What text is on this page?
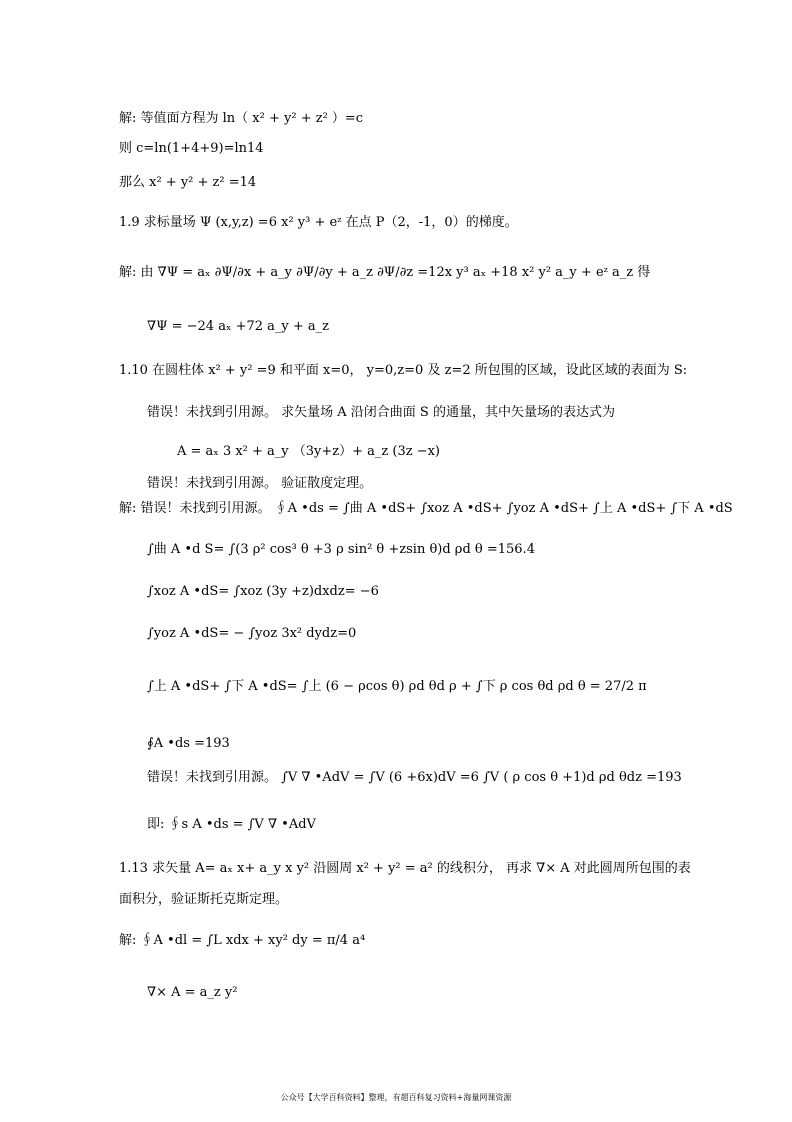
解: 等值面方程为 ln（ x² + y² + z² ）=c
则 c=ln(1+4+9)=ln14
那么 x² + y² + z² =14
1.9 求标量场 Ψ (x,y,z) =6 x² y³ + eᶻ 在点 P（2，-1，0）的梯度。
解: 由 ∇Ψ = aₓ ∂Ψ/∂x + a_y ∂Ψ/∂y + a_z ∂Ψ/∂z =12x y³ aₓ +18 x² y² a_y + eᶻ a_z 得
∇Ψ = −24 aₓ +72 a_y + a_z
1.10 在圆柱体 x² + y² =9 和平面 x=0， y=0,z=0 及 z=2 所包围的区域，设此区域的表面为 S:
错误！未找到引用源。 求矢量场 A 沿闭合曲面 S 的通量，其中矢量场的表达式为
A = aₓ 3 x² + a_y （3y+z）+ a_z (3z −x)
错误！未找到引用源。 验证散度定理。
解: 错误！未找到引用源。 ∮A •ds = ∫曲 A •dS+ ∫xoz A •dS+ ∫yoz A •dS+ ∫上 A •dS+ ∫下 A •dS
∫曲 A •d S= ∫(3 ρ² cos³ θ +3 ρ sin² θ +zsin θ)d ρd θ =156.4
∫xoz A •dS= ∫xoz (3y +z)dxdz= −6
∫yoz A •dS= − ∫yoz 3x² dydz=0
∫上 A •dS+ ∫下 A •dS= ∫上 (6 − ρcos θ) ρd θd ρ + ∫下 ρ cos θd ρd θ = 27/2 π
∮A •ds =193
错误！未找到引用源。 ∫V ∇ •AdV = ∫V (6 +6x)dV =6 ∫V ( ρ cos θ +1)d ρd θdz =193
即: ∮s A •ds = ∫V ∇ •AdV
1.13 求矢量 A= aₓ x+ a_y x y² 沿圆周 x² + y² = a² 的线积分， 再求 ∇× A 对此圆周所包围的表
面积分，验证斯托克斯定理。
解: ∮A •dl = ∫L xdx + xy² dy = π/4 a⁴
∇× A = a_z y²
公众号【大学百科资料】整理，有超百科复习资料+海量网课资源
